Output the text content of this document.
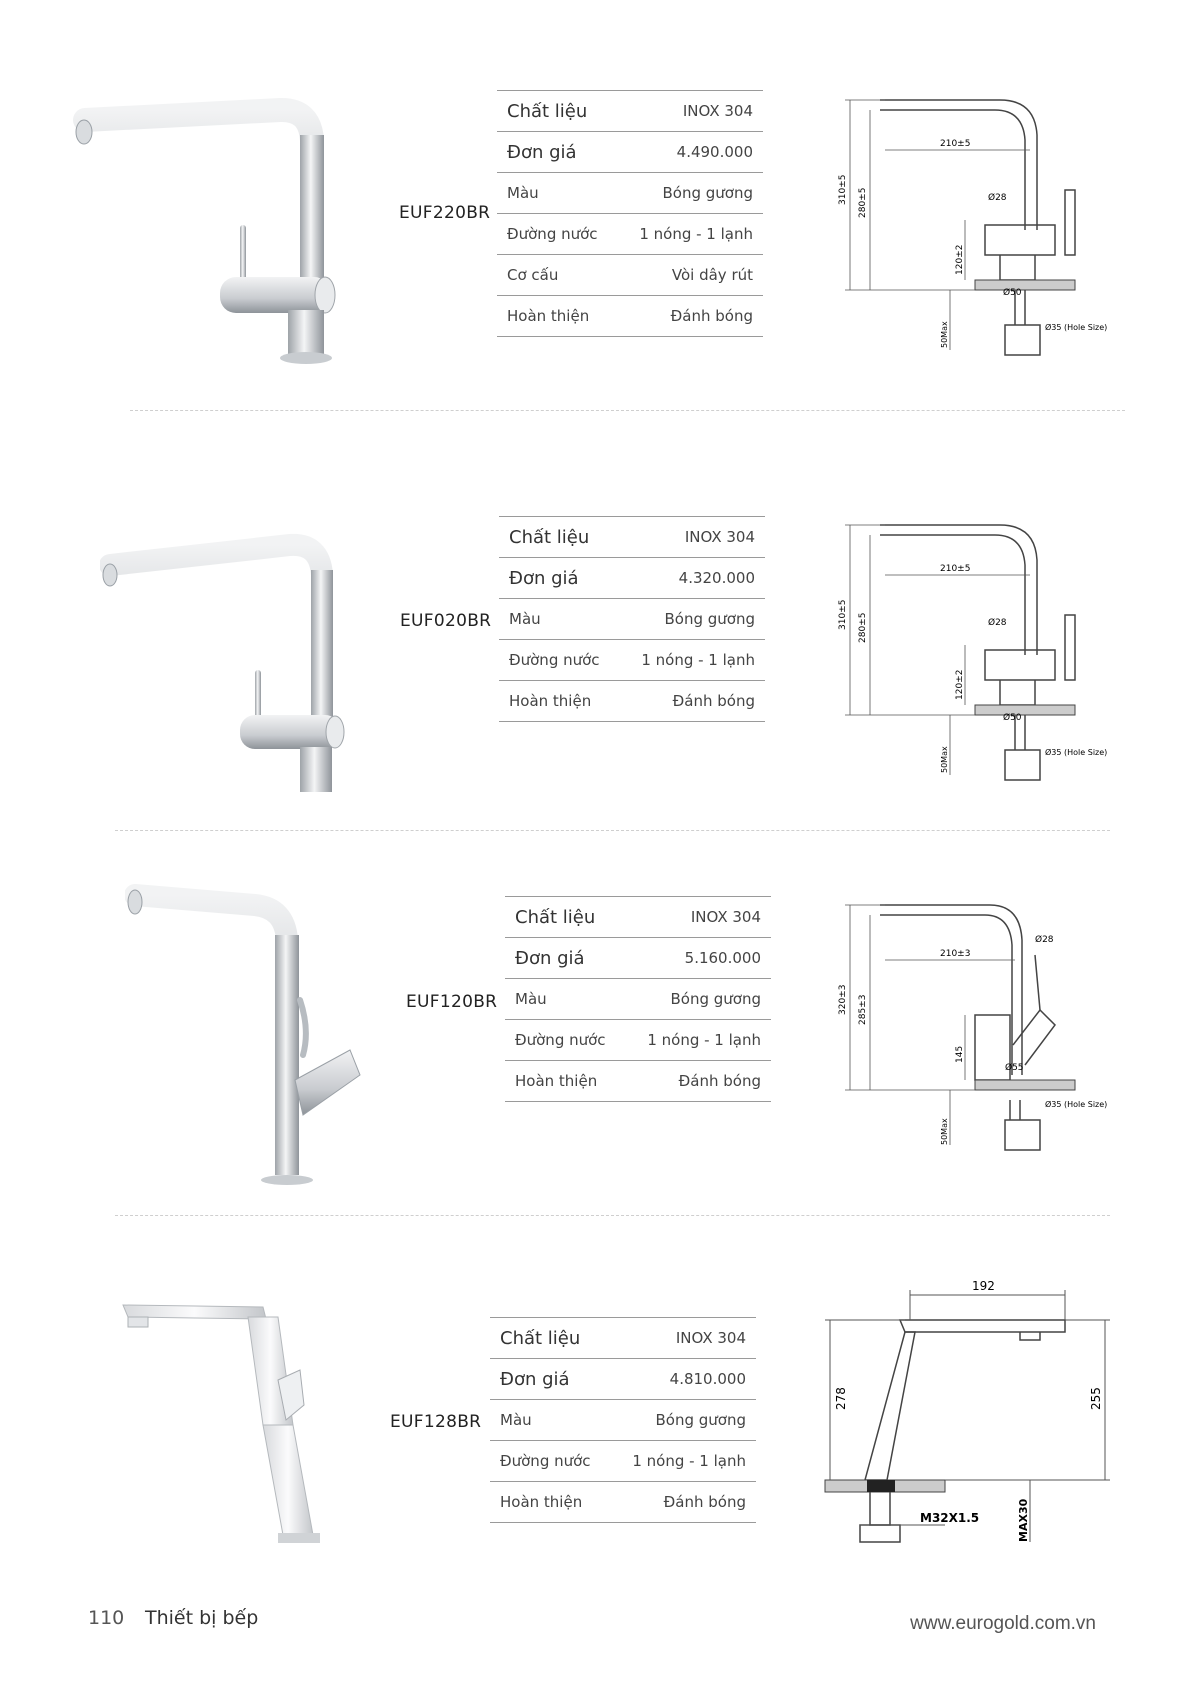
EUF220BR
Chất liệu	INOX 304
Đơn giá	4.490.000
Màu	Bóng gương
Đường nước	1 nóng - 1 lạnh
Cơ cấu	Vòi dây rút
Hoàn thiện	Đánh bóng
310±5 280±5
210±5
Ø28
120±2
Ø50
Ø35 (Hole Size)
50Max
EUF020BR
Chất liệu	INOX 304
Đơn giá	4.320.000
Màu	Bóng gương
Đường nước	1 nóng - 1 lạnh
Hoàn thiện	Đánh bóng
310±5 280±5
210±5
Ø28
120±2
Ø50
Ø35 (Hole Size)
50Max
EUF120BR
Chất liệu	INOX 304
Đơn giá	5.160.000
Màu	Bóng gương
Đường nước	1 nóng - 1 lạnh
Hoàn thiện	Đánh bóng
320±3 285±3
210±3
Ø28
145
Ø55
Ø35 (Hole Size)
50Max
EUF128BR
Chất liệu	INOX 304
Đơn giá	4.810.000
Màu	Bóng gương
Đường nước	1 nóng - 1 lạnh
Hoàn thiện	Đánh bóng
192
278	255
M32X1.5	MAX30
110 Thiết bị bếp	www.eurogold.com.vn
